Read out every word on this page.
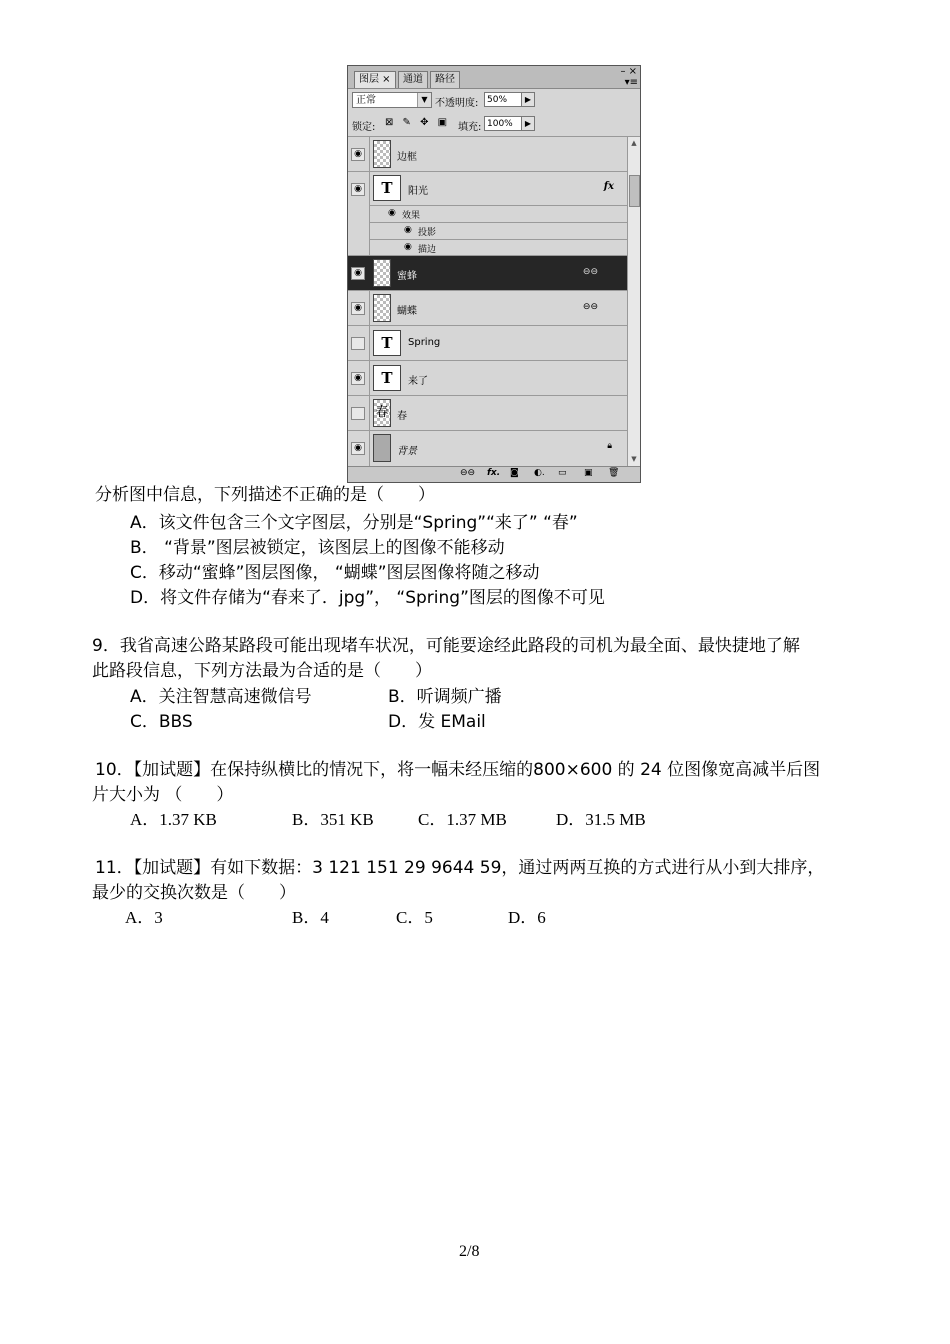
图层 ×	通道	路径
– ×
▾≡
正常	▼ 不透明度: 50%	▶
锁定: ⊠ ✎ ✥ ▣ 填充: 100%	▶
◉	边框
◉	T	阳光	fx
◉ 效果
◉ 投影
◉ 描边
◉	蜜蜂	⊖⊖
◉	蝴蝶	⊖⊖
T	Spring
◉	T	来了
春 春
◉	背景	🔒︎
▲
▼
⊖⊖ fx. ◙ ◐. ▭ ▣ 🗑︎
分析图中信息，下列描述不正确的是（　　）
A．该文件包含三个文字图层，分别是“Spring”“来了” “春”
B． “背景”图层被锁定，该图层上的图像不能移动
C．移动“蜜蜂”图层图像， “蝴蝶”图层图像将随之移动
D．将文件存储为“春来了．jpg”， “Spring”图层的图像不可见
9．我省高速公路某路段可能出现堵车状况，可能要途经此路段的司机为最全面、最快捷地了解
此路段信息，下列方法最为合适的是（　　）
A．关注智慧高速微信号	B．听调频广播
C．BBS	D．发 EMail
10．【加试题】在保持纵横比的情况下，将一幅未经压缩的800×600 的 24 位图像宽高减半后图
片大小为 （　　）
A．1.37 KB	B．351 KB	C．1.37 MB	D．31.5 MB
11．【加试题】有如下数据：3 121 151 29 9644 59，通过两两互换的方式进行从小到大排序，
最少的交换次数是（　　）
A．3	B．4	C．5	D．6
2/8
